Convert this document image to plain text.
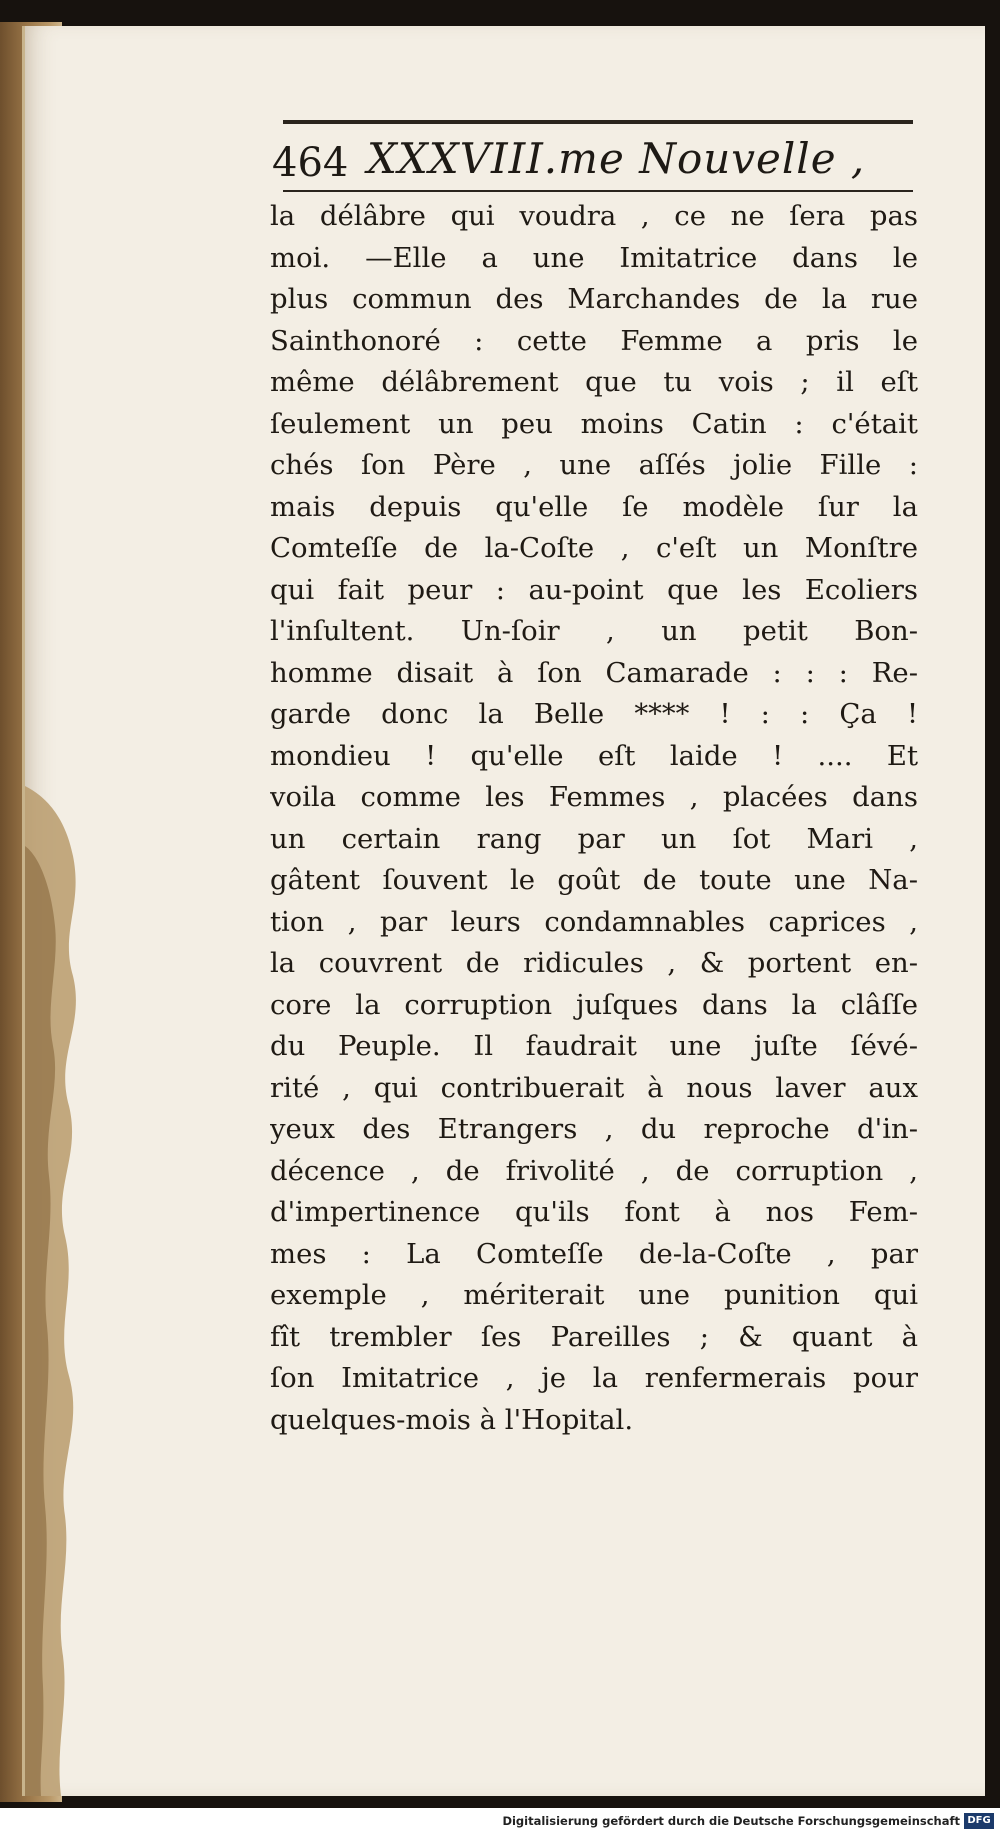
464 XXXVIII.me Nouvelle ,
la délâbre qui voudra , ce ne ſera pas
moi. —Elle a une Imitatrice dans le
plus commun des Marchandes de la rue
Sainthonoré : cette Femme a pris le
même délâbrement que tu vois ; il eſt
ſeulement un peu moins Catin : c'était
chés ſon Père , une aſſés jolie Fille :
mais depuis qu'elle ſe modèle ſur la
Comteſſe de la-Coſte , c'eſt un Monſtre
qui fait peur : au-point que les Ecoliers
l'inſultent. Un-ſoir , un petit Bon-
homme disait à ſon Camarade : : : Re-
garde donc la Belle **** ! : : Ça !
mondieu ! qu'elle eſt laide ! .... Et
voila comme les Femmes , placées dans
un certain rang par un ſot Mari ,
gâtent ſouvent le goût de toute une Na-
tion , par leurs condamnables caprices ,
la couvrent de ridicules , & portent en-
core la corruption juſques dans la clâſſe
du Peuple. Il faudrait une juſte ſévé-
rité , qui contribuerait à nous laver aux
yeux des Etrangers , du reproche d'in-
décence , de frivolité , de corruption ,
d'impertinence qu'ils font à nos Fem-
mes : La Comteſſe de-la-Coſte , par
exemple , mériterait une punition qui
fît trembler ſes Pareilles ; & quant à
ſon Imitatrice , je la renfermerais pour
quelques-mois à l'Hopital.
Digitalisierung gefördert durch die Deutsche Forschungsgemeinschaft DFG
